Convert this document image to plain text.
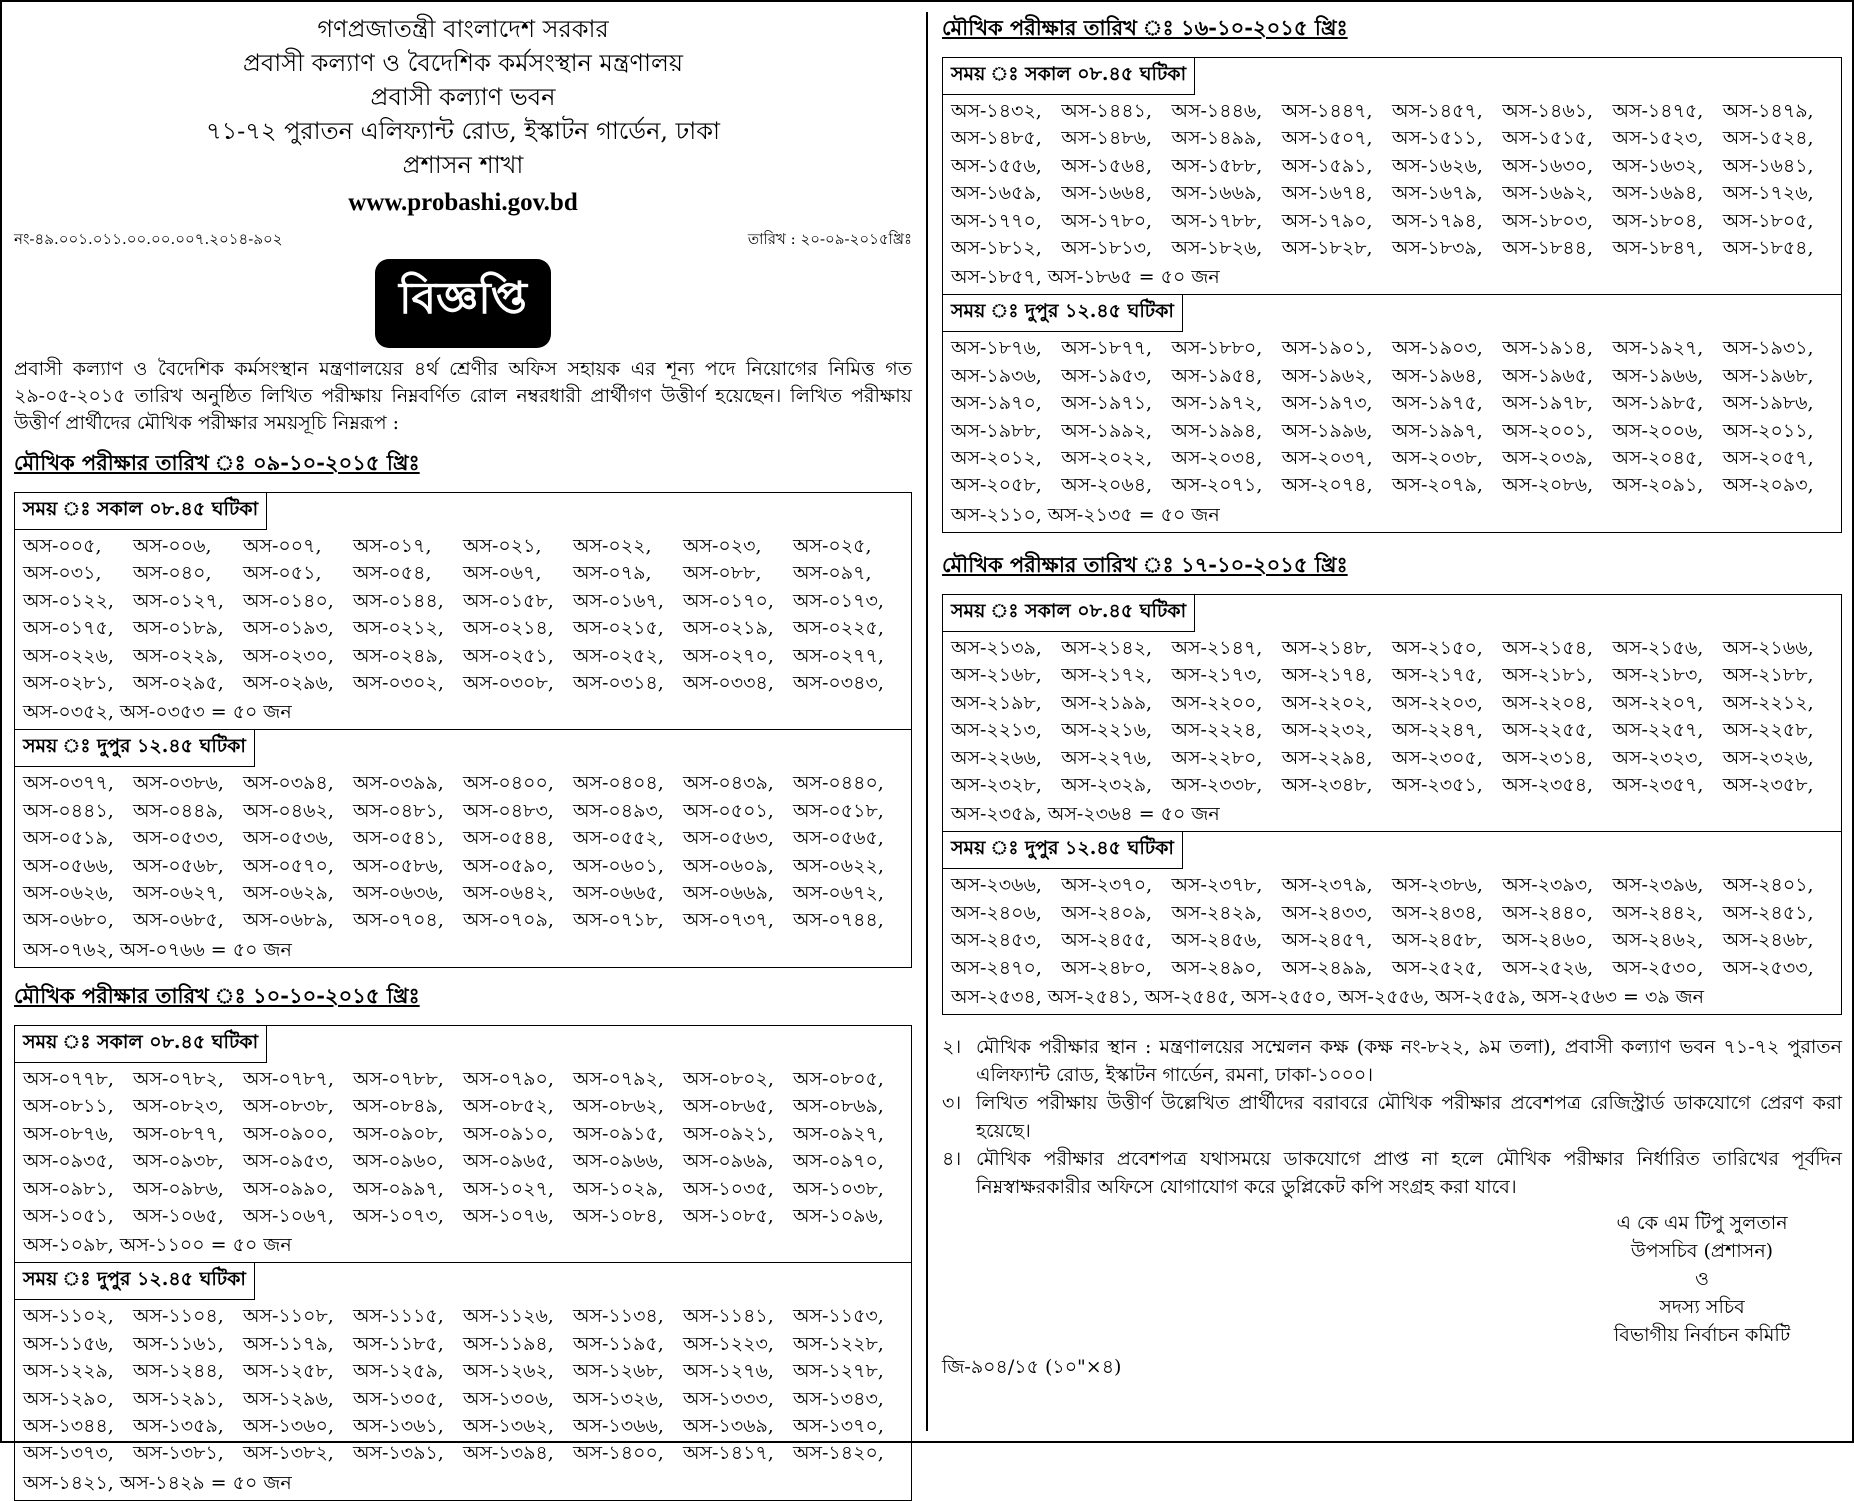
গণপ্রজাতন্ত্রী বাংলাদেশ সরকার
প্রবাসী কল্যাণ ও বৈদেশিক কর্মসংস্থান মন্ত্রণালয়
প্রবাসী কল্যাণ ভবন
৭১-৭২ পুরাতন এলিফ্যান্ট রোড, ইস্কাটন গার্ডেন, ঢাকা
প্রশাসন শাখা
www.probashi.gov.bd
নং-৪৯.০০১.০১১.০০.০০.০০৭.২০১৪-৯০২	তারিখ : ২০-০৯-২০১৫খ্রিঃ
বিজ্ঞপ্তি
প্রবাসী কল্যাণ ও বৈদেশিক কর্মসংস্থান মন্ত্রণালয়ের ৪র্থ শ্রেণীর অফিস সহায়ক এর শূন্য পদে নিয়োগের নিমিত্ত গত ২৯-০৫-২০১৫ তারিখ অনুষ্ঠিত লিখিত পরীক্ষায় নিম্নবর্ণিত রোল নম্বরধারী প্রার্থীগণ উত্তীর্ণ হয়েছেন। লিখিত পরীক্ষায় উত্তীর্ণ প্রার্থীদের মৌখিক পরীক্ষার সময়সূচি নিম্নরূপ :
মৌখিক পরীক্ষার তারিখ ঃ ০৯-১০-২০১৫ খ্রিঃ
সময় ঃ সকাল ০৮.৪৫ ঘটিকা
অস-০০৫,	অস-০০৬,	অস-০০৭,	অস-০১৭,	অস-০২১,	অস-০২২,	অস-০২৩,	অস-০২৫,
অস-০৩১,	অস-০৪০,	অস-০৫১,	অস-০৫৪,	অস-০৬৭,	অস-০৭৯,	অস-০৮৮,	অস-০৯৭,
অস-০১২২,	অস-০১২৭,	অস-০১৪০,	অস-০১৪৪,	অস-০১৫৮,	অস-০১৬৭,	অস-০১৭০,	অস-০১৭৩,
অস-০১৭৫,	অস-০১৮৯,	অস-০১৯৩,	অস-০২১২,	অস-০২১৪,	অস-০২১৫,	অস-০২১৯,	অস-০২২৫,
অস-০২২৬,	অস-০২২৯,	অস-০২৩০,	অস-০২৪৯,	অস-০২৫১,	অস-০২৫২,	অস-০২৭০,	অস-০২৭৭,
অস-০২৮১,	অস-০২৯৫,	অস-০২৯৬,	অস-০৩০২,	অস-০৩০৮,	অস-০৩১৪,	অস-০৩৩৪,	অস-০৩৪৩,
অস-০৩৫২, অস-০৩৫৩ = ৫০ জন
সময় ঃ দুপুর ১২.৪৫ ঘটিকা
অস-০৩৭৭,	অস-০৩৮৬,	অস-০৩৯৪,	অস-০৩৯৯,	অস-০৪০০,	অস-০৪০৪,	অস-০৪৩৯,	অস-০৪৪০,
অস-০৪৪১,	অস-০৪৪৯,	অস-০৪৬২,	অস-০৪৮১,	অস-০৪৮৩,	অস-০৪৯৩,	অস-০৫০১,	অস-০৫১৮,
অস-০৫১৯,	অস-০৫৩৩,	অস-০৫৩৬,	অস-০৫৪১,	অস-০৫৪৪,	অস-০৫৫২,	অস-০৫৬৩,	অস-০৫৬৫,
অস-০৫৬৬,	অস-০৫৬৮,	অস-০৫৭০,	অস-০৫৮৬,	অস-০৫৯০,	অস-০৬০১,	অস-০৬০৯,	অস-০৬২২,
অস-০৬২৬,	অস-০৬২৭,	অস-০৬২৯,	অস-০৬৩৬,	অস-০৬৪২,	অস-০৬৬৫,	অস-০৬৬৯,	অস-০৬৭২,
অস-০৬৮০,	অস-০৬৮৫,	অস-০৬৮৯,	অস-০৭০৪,	অস-০৭০৯,	অস-০৭১৮,	অস-০৭৩৭,	অস-০৭৪৪,
অস-০৭৬২, অস-০৭৬৬ = ৫০ জন
মৌখিক পরীক্ষার তারিখ ঃ ১০-১০-২০১৫ খ্রিঃ
সময় ঃ সকাল ০৮.৪৫ ঘটিকা
অস-০৭৭৮,	অস-০৭৮২,	অস-০৭৮৭,	অস-০৭৮৮,	অস-০৭৯০,	অস-০৭৯২,	অস-০৮০২,	অস-০৮০৫,
অস-০৮১১,	অস-০৮২৩,	অস-০৮৩৮,	অস-০৮৪৯,	অস-০৮৫২,	অস-০৮৬২,	অস-০৮৬৫,	অস-০৮৬৯,
অস-০৮৭৬,	অস-০৮৭৭,	অস-০৯০০,	অস-০৯০৮,	অস-০৯১০,	অস-০৯১৫,	অস-০৯২১,	অস-০৯২৭,
অস-০৯৩৫,	অস-০৯৩৮,	অস-০৯৫৩,	অস-০৯৬০,	অস-০৯৬৫,	অস-০৯৬৬,	অস-০৯৬৯,	অস-০৯৭০,
অস-০৯৮১,	অস-০৯৮৬,	অস-০৯৯০,	অস-০৯৯৭,	অস-১০২৭,	অস-১০২৯,	অস-১০৩৫,	অস-১০৩৮,
অস-১০৫১,	অস-১০৬৫,	অস-১০৬৭,	অস-১০৭৩,	অস-১০৭৬,	অস-১০৮৪,	অস-১০৮৫,	অস-১০৯৬,
অস-১০৯৮, অস-১১০০ = ৫০ জন
সময় ঃ দুপুর ১২.৪৫ ঘটিকা
অস-১১০২,	অস-১১০৪,	অস-১১০৮,	অস-১১১৫,	অস-১১২৬,	অস-১১৩৪,	অস-১১৪১,	অস-১১৫৩,
অস-১১৫৬,	অস-১১৬১,	অস-১১৭৯,	অস-১১৮৫,	অস-১১৯৪,	অস-১১৯৫,	অস-১২২৩,	অস-১২২৮,
অস-১২২৯,	অস-১২৪৪,	অস-১২৫৮,	অস-১২৫৯,	অস-১২৬২,	অস-১২৬৮,	অস-১২৭৬,	অস-১২৭৮,
অস-১২৯০,	অস-১২৯১,	অস-১২৯৬,	অস-১৩০৫,	অস-১৩০৬,	অস-১৩২৬,	অস-১৩৩৩,	অস-১৩৪৩,
অস-১৩৪৪,	অস-১৩৫৯,	অস-১৩৬০,	অস-১৩৬১,	অস-১৩৬২,	অস-১৩৬৬,	অস-১৩৬৯,	অস-১৩৭০,
অস-১৩৭৩,	অস-১৩৮১,	অস-১৩৮২,	অস-১৩৯১,	অস-১৩৯৪,	অস-১৪০০,	অস-১৪১৭,	অস-১৪২০,
অস-১৪২১, অস-১৪২৯ = ৫০ জন
মৌখিক পরীক্ষার তারিখ ঃ ১৬-১০-২০১৫ খ্রিঃ
সময় ঃ সকাল ০৮.৪৫ ঘটিকা
অস-১৪৩২,	অস-১৪৪১,	অস-১৪৪৬,	অস-১৪৪৭,	অস-১৪৫৭,	অস-১৪৬১,	অস-১৪৭৫,	অস-১৪৭৯,
অস-১৪৮৫,	অস-১৪৮৬,	অস-১৪৯৯,	অস-১৫০৭,	অস-১৫১১,	অস-১৫১৫,	অস-১৫২৩,	অস-১৫২৪,
অস-১৫৫৬,	অস-১৫৬৪,	অস-১৫৮৮,	অস-১৫৯১,	অস-১৬২৬,	অস-১৬৩০,	অস-১৬৩২,	অস-১৬৪১,
অস-১৬৫৯,	অস-১৬৬৪,	অস-১৬৬৯,	অস-১৬৭৪,	অস-১৬৭৯,	অস-১৬৯২,	অস-১৬৯৪,	অস-১৭২৬,
অস-১৭৭০,	অস-১৭৮০,	অস-১৭৮৮,	অস-১৭৯০,	অস-১৭৯৪,	অস-১৮০৩,	অস-১৮০৪,	অস-১৮০৫,
অস-১৮১২,	অস-১৮১৩,	অস-১৮২৬,	অস-১৮২৮,	অস-১৮৩৯,	অস-১৮৪৪,	অস-১৮৪৭,	অস-১৮৫৪,
অস-১৮৫৭, অস-১৮৬৫ = ৫০ জন
সময় ঃ দুপুর ১২.৪৫ ঘটিকা
অস-১৮৭৬,	অস-১৮৭৭,	অস-১৮৮০,	অস-১৯০১,	অস-১৯০৩,	অস-১৯১৪,	অস-১৯২৭,	অস-১৯৩১,
অস-১৯৩৬,	অস-১৯৫৩,	অস-১৯৫৪,	অস-১৯৬২,	অস-১৯৬৪,	অস-১৯৬৫,	অস-১৯৬৬,	অস-১৯৬৮,
অস-১৯৭০,	অস-১৯৭১,	অস-১৯৭২,	অস-১৯৭৩,	অস-১৯৭৫,	অস-১৯৭৮,	অস-১৯৮৫,	অস-১৯৮৬,
অস-১৯৮৮,	অস-১৯৯২,	অস-১৯৯৪,	অস-১৯৯৬,	অস-১৯৯৭,	অস-২০০১,	অস-২০০৬,	অস-২০১১,
অস-২০১২,	অস-২০২২,	অস-২০৩৪,	অস-২০৩৭,	অস-২০৩৮,	অস-২০৩৯,	অস-২০৪৫,	অস-২০৫৭,
অস-২০৫৮,	অস-২০৬৪,	অস-২০৭১,	অস-২০৭৪,	অস-২০৭৯,	অস-২০৮৬,	অস-২০৯১,	অস-২০৯৩,
অস-২১১০, অস-২১৩৫ = ৫০ জন
মৌখিক পরীক্ষার তারিখ ঃ ১৭-১০-২০১৫ খ্রিঃ
সময় ঃ সকাল ০৮.৪৫ ঘটিকা
অস-২১৩৯,	অস-২১৪২,	অস-২১৪৭,	অস-২১৪৮,	অস-২১৫০,	অস-২১৫৪,	অস-২১৫৬,	অস-২১৬৬,
অস-২১৬৮,	অস-২১৭২,	অস-২১৭৩,	অস-২১৭৪,	অস-২১৭৫,	অস-২১৮১,	অস-২১৮৩,	অস-২১৮৮,
অস-২১৯৮,	অস-২১৯৯,	অস-২২০০,	অস-২২০২,	অস-২২০৩,	অস-২২০৪,	অস-২২০৭,	অস-২২১২,
অস-২২১৩,	অস-২২১৬,	অস-২২২৪,	অস-২২৩২,	অস-২২৪৭,	অস-২২৫৫,	অস-২২৫৭,	অস-২২৫৮,
অস-২২৬৬,	অস-২২৭৬,	অস-২২৮০,	অস-২২৯৪,	অস-২৩০৫,	অস-২৩১৪,	অস-২৩২৩,	অস-২৩২৬,
অস-২৩২৮,	অস-২৩২৯,	অস-২৩৩৮,	অস-২৩৪৮,	অস-২৩৫১,	অস-২৩৫৪,	অস-২৩৫৭,	অস-২৩৫৮,
অস-২৩৫৯, অস-২৩৬৪ = ৫০ জন
সময় ঃ দুপুর ১২.৪৫ ঘটিকা
অস-২৩৬৬,	অস-২৩৭০,	অস-২৩৭৮,	অস-২৩৭৯,	অস-২৩৮৬,	অস-২৩৯৩,	অস-২৩৯৬,	অস-২৪০১,
অস-২৪০৬,	অস-২৪০৯,	অস-২৪২৯,	অস-২৪৩৩,	অস-২৪৩৪,	অস-২৪৪০,	অস-২৪৪২,	অস-২৪৫১,
অস-২৪৫৩,	অস-২৪৫৫,	অস-২৪৫৬,	অস-২৪৫৭,	অস-২৪৫৮,	অস-২৪৬০,	অস-২৪৬২,	অস-২৪৬৮,
অস-২৪৭০,	অস-২৪৮০,	অস-২৪৯০,	অস-২৪৯৯,	অস-২৫২৫,	অস-২৫২৬,	অস-২৫৩০,	অস-২৫৩৩,
অস-২৫৩৪, অস-২৫৪১, অস-২৫৪৫, অস-২৫৫০, অস-২৫৫৬, অস-২৫৫৯, অস-২৫৬৩ = ৩৯ জন
২। মৌখিক পরীক্ষার স্থান : মন্ত্রণালয়ের সম্মেলন কক্ষ (কক্ষ নং-৮২২, ৯ম তলা), প্রবাসী কল্যাণ ভবন ৭১-৭২ পুরাতন এলিফ্যান্ট রোড, ইস্কাটন গার্ডেন, রমনা, ঢাকা-১০০০।
৩। লিখিত পরীক্ষায় উত্তীর্ণ উল্লেখিত প্রার্থীদের বরাবরে মৌখিক পরীক্ষার প্রবেশপত্র রেজিস্ট্রার্ড ডাকযোগে প্রেরণ করা হয়েছে।
৪। মৌখিক পরীক্ষার প্রবেশপত্র যথাসময়ে ডাকযোগে প্রাপ্ত না হলে মৌখিক পরীক্ষার নির্ধারিত তারিখের পূর্বদিন নিম্নস্বাক্ষরকারীর অফিসে যোগাযোগ করে ডুপ্লিকেট কপি সংগ্রহ করা যাবে।
এ কে এম টিপু সুলতান
উপসচিব (প্রশাসন)
ও
সদস্য সচিব
বিভাগীয় নির্বাচন কমিটি
জি-৯০৪/১৫ (১০"×৪)
